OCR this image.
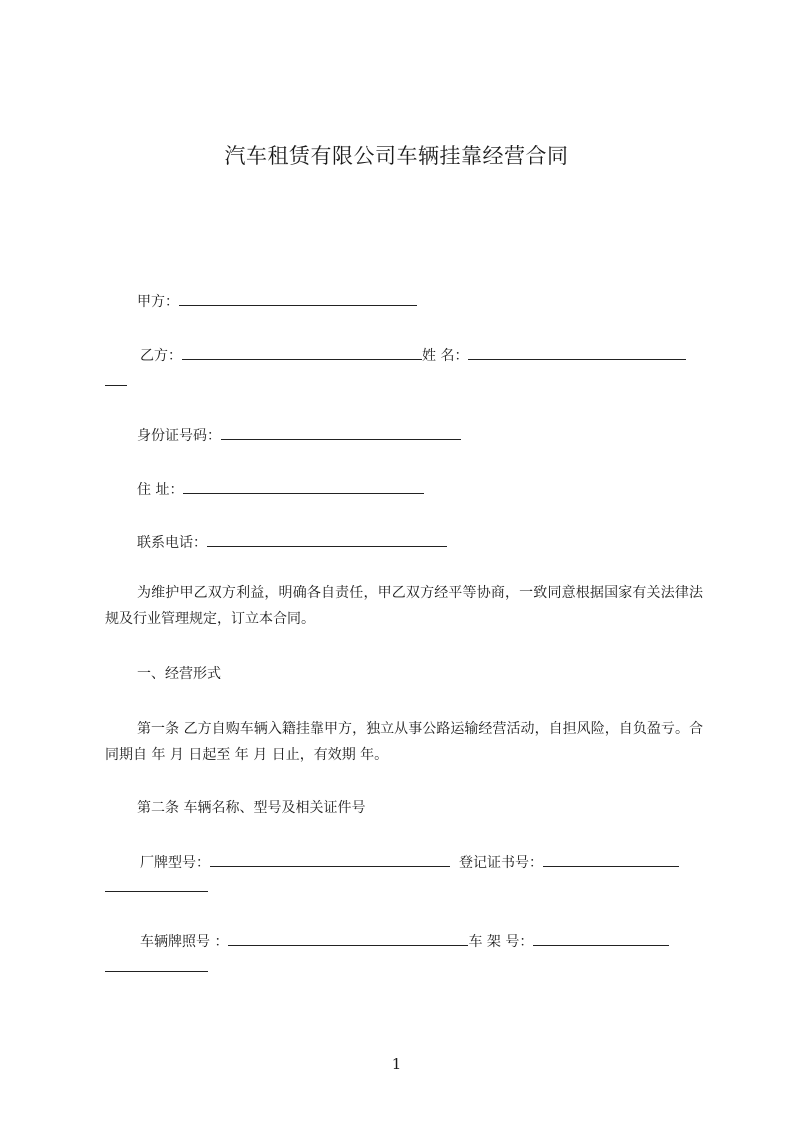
汽车租赁有限公司车辆挂靠经营合同
甲方：
乙方：	姓 名：
身份证号码：
住 址：
联系电话：
为维护甲乙双方利益，明确各自责任，甲乙双方经平等协商，一致同意根据国家有关法律法规及行业管理规定，订立本合同。
一、经营形式
第一条 乙方自购车辆入籍挂靠甲方，独立从事公路运输经营活动，自担风险，自负盈亏。合同期自 年 月 日起至 年 月 日止，有效期 年。
第二条 车辆名称、型号及相关证件号
厂牌型号：	登记证书号：
车辆牌照号 ：	车 架 号：
1
